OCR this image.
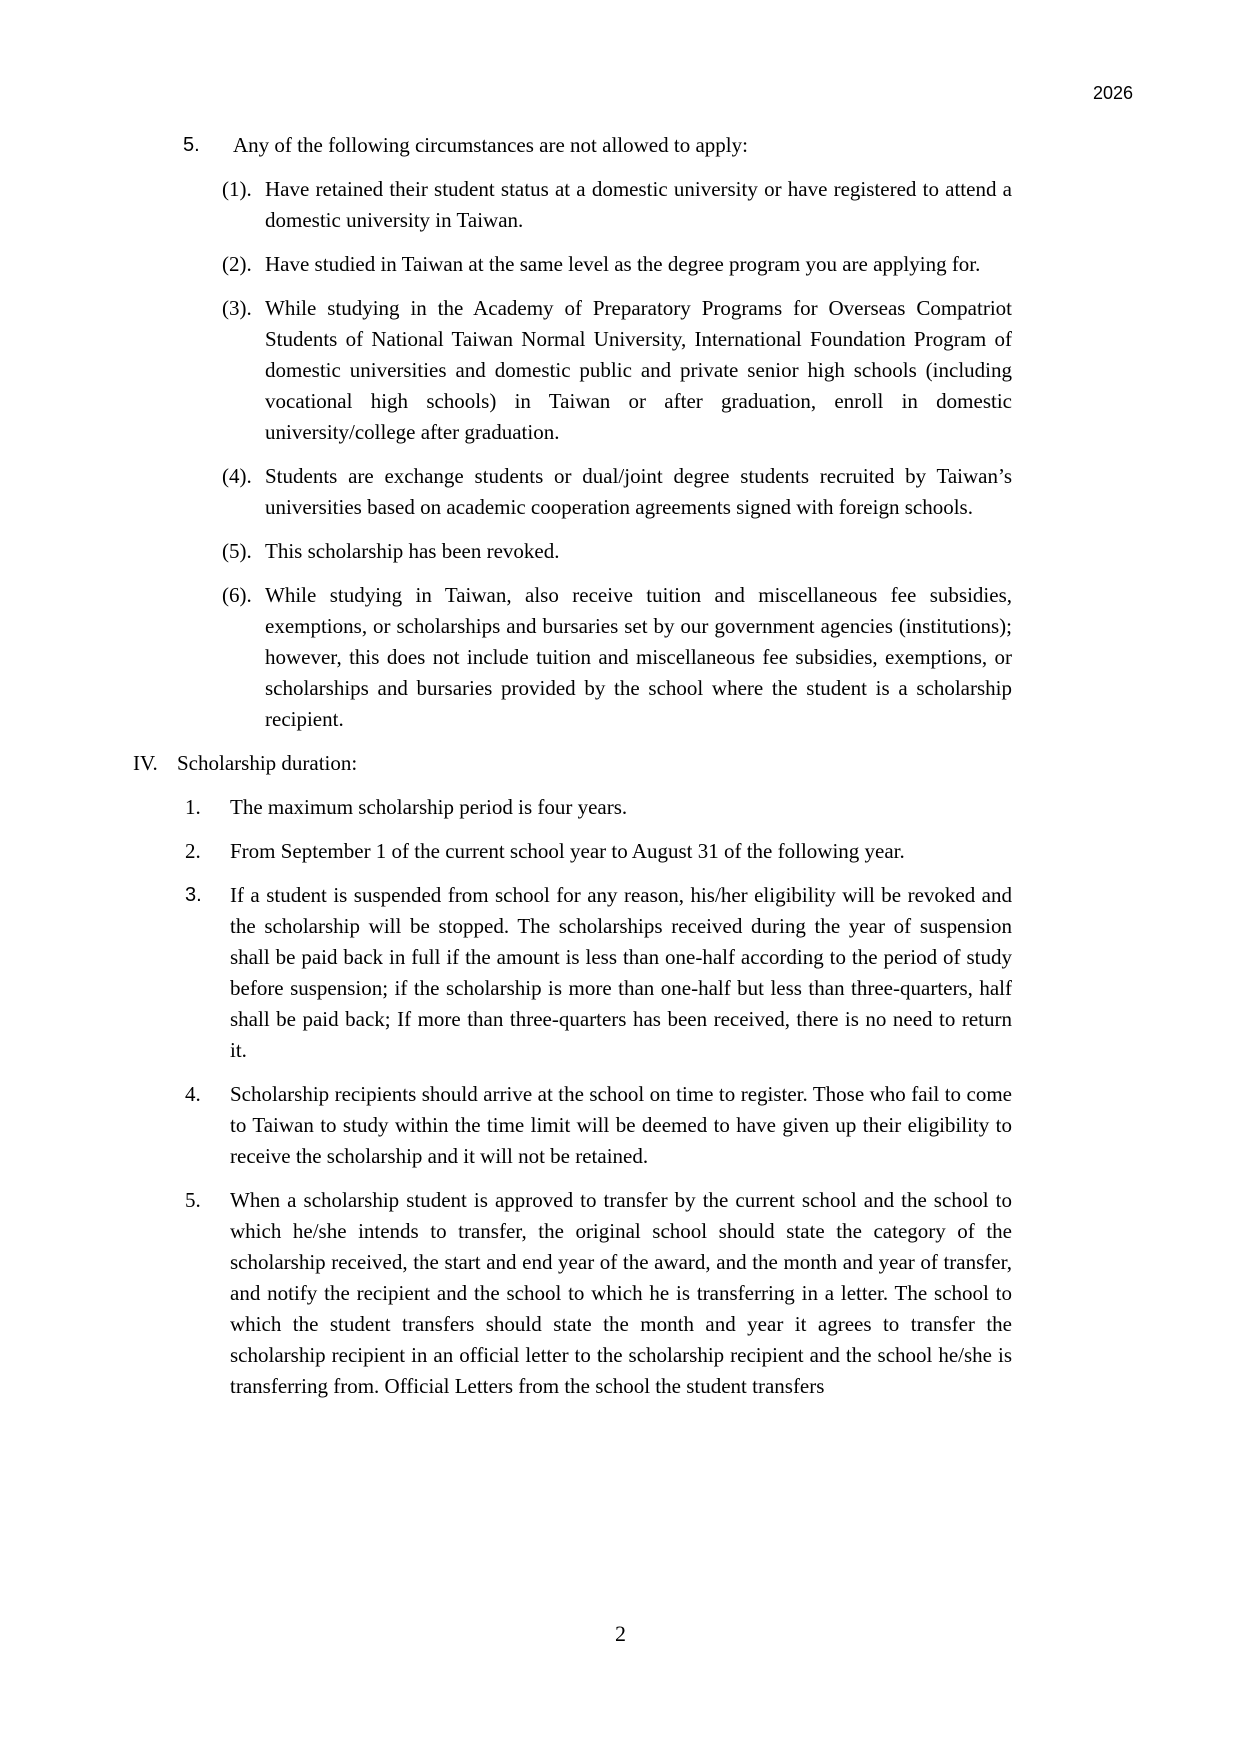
2026
5.	Any of the following circumstances are not allowed to apply:
(1). Have retained their student status at a domestic university or have registered to attend a domestic university in Taiwan.
(2). Have studied in Taiwan at the same level as the degree program you are applying for.
(3). While studying in the Academy of Preparatory Programs for Overseas Compatriot Students of National Taiwan Normal University, International Foundation Program of domestic universities and domestic public and private senior high schools (including vocational high schools) in Taiwan or after graduation, enroll in domestic university/college after graduation.
(4). Students are exchange students or dual/joint degree students recruited by Taiwan’s universities based on academic cooperation agreements signed with foreign schools.
(5). This scholarship has been revoked.
(6). While studying in Taiwan, also receive tuition and miscellaneous fee subsidies, exemptions, or scholarships and bursaries set by our government agencies (institutions); however, this does not include tuition and miscellaneous fee subsidies, exemptions, or scholarships and bursaries provided by the school where the student is a scholarship recipient.
IV. Scholarship duration:
1.	The maximum scholarship period is four years.
2.	From September 1 of the current school year to August 31 of the following year.
3.	If a student is suspended from school for any reason, his/her eligibility will be revoked and the scholarship will be stopped. The scholarships received during the year of suspension shall be paid back in full if the amount is less than one-half according to the period of study before suspension; if the scholarship is more than one-half but less than three-quarters, half shall be paid back; If more than three-quarters has been received, there is no need to return it.
4.	Scholarship recipients should arrive at the school on time to register. Those who fail to come to Taiwan to study within the time limit will be deemed to have given up their eligibility to receive the scholarship and it will not be retained.
5.	When a scholarship student is approved to transfer by the current school and the school to which he/she intends to transfer, the original school should state the category of the scholarship received, the start and end year of the award, and the month and year of transfer, and notify the recipient and the school to which he is transferring in a letter. The school to which the student transfers should state the month and year it agrees to transfer the scholarship recipient in an official letter to the scholarship recipient and the school he/she is transferring from. Official Letters from the school the student transfers
2
